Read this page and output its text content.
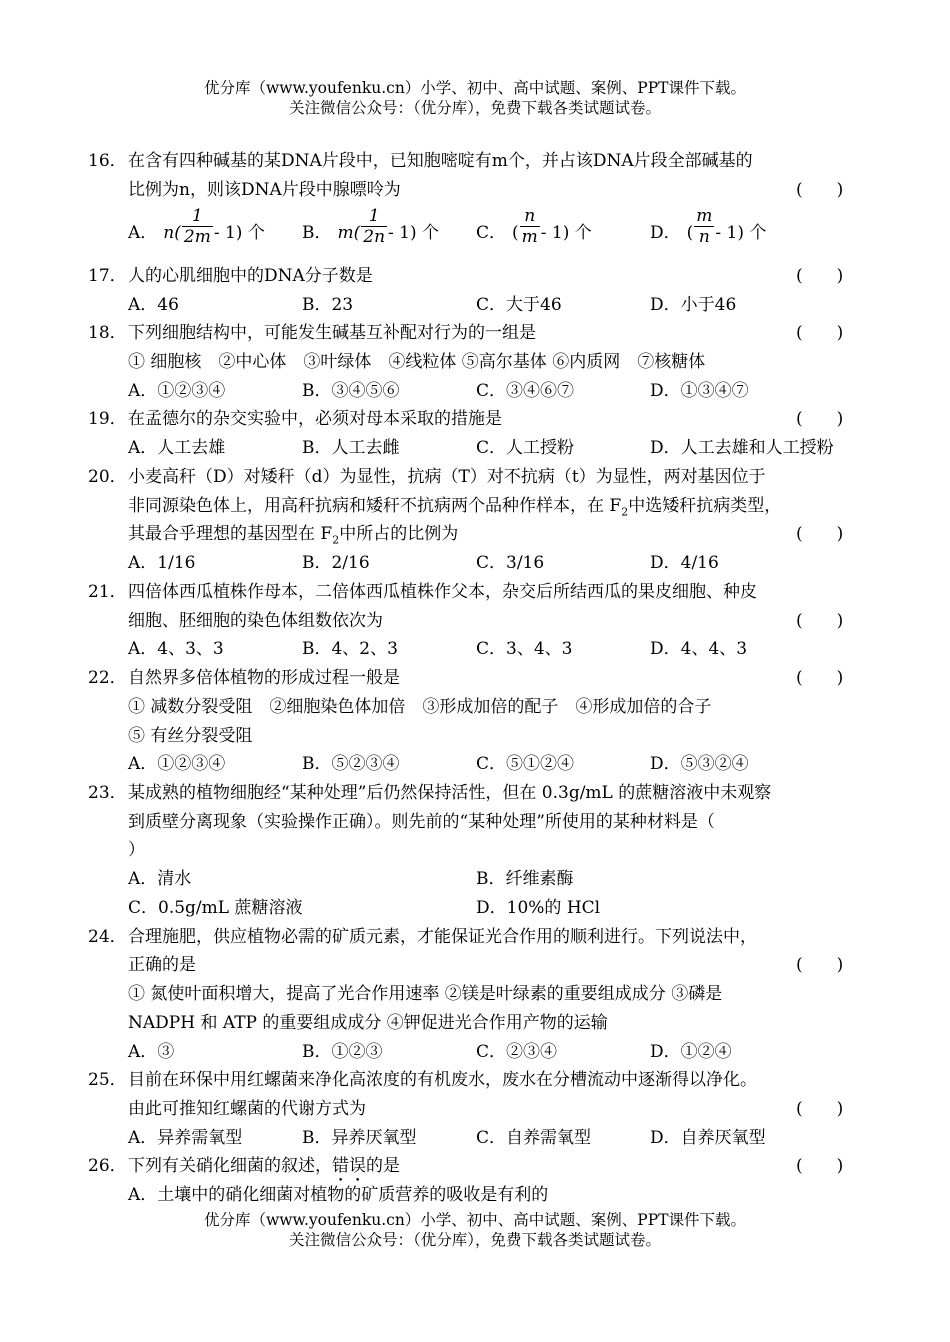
优分库（www.youfenku.cn）小学、初中、高中试题、案例、PPT课件下载。
关注微信公众号：（优分库），免费下载各类试题试卷。
16． 在含有四种碱基的某DNA片段中，已知胞嘧啶有m个，并占该DNA片段全部碱基的
比例为n，则该DNA片段中腺嘌呤为	(　　)
A． $n( \frac{1}{2m} - 1)$ 个 B． $m( \frac{1}{2n} - 1)$ 个 C． ( $\frac{n}{m} - 1$) 个	D． ( $\frac{m}{n} - 1$) 个
17． 人的心肌细胞中的DNA分子数是	(　　)
A．46	B．23	C．大于46	D．小于46
18． 下列细胞结构中，可能发生碱基互补配对行为的一组是	(　　)
① 细胞核　②中心体　③叶绿体　④线粒体 ⑤高尔基体 ⑥内质网　⑦核糖体
A．①②③④	B．③④⑤⑥	C．③④⑥⑦	D．①③④⑦
19． 在孟德尔的杂交实验中，必须对母本采取的措施是	(　　)
A．人工去雄	B．人工去雌	C．人工授粉	D．人工去雄和人工授粉
20． 小麦高秆（D）对矮秆（d）为显性，抗病（T）对不抗病（t）为显性，两对基因位于
非同源染色体上，用高秆抗病和矮秆不抗病两个品种作样本，在 $F_2$中选矮秆抗病类型，
其最合乎理想的基因型在 $F_2$中所占的比例为	(　　)
A．1/16	B．2/16	C．3/16	D．4/16
21． 四倍体西瓜植株作母本，二倍体西瓜植株作父本，杂交后所结西瓜的果皮细胞、种皮
细胞、胚细胞的染色体组数依次为	(　　)
A．4、3、3	B．4、2、3	C．3、4、3	D．4、4、3
22． 自然界多倍体植物的形成过程一般是	(　　)
① 减数分裂受阻　②细胞染色体加倍　③形成加倍的配子　④形成加倍的合子
⑤ 有丝分裂受阻
A．①②③④	B．⑤②③④	C．⑤①②④	D．⑤③②④
23． 某成熟的植物细胞经“某种处理”后仍然保持活性，但在 0.3g/mL 的蔗糖溶液中未观察
到质壁分离现象（实验操作正确）。则先前的“某种处理”所使用的某种材料是（
）
A．清水	B．纤维素酶
C．0.5g/mL 蔗糖溶液	D．10%的 HCl
24． 合理施肥，供应植物必需的矿质元素，才能保证光合作用的顺利进行。下列说法中，
正确的是	(　　)
① 氮使叶面积增大，提高了光合作用速率 ②镁是叶绿素的重要组成成分 ③磷是
NADPH 和 ATP 的重要组成成分 ④钾促进光合作用产物的运输
A．③	B．①②③	C．②③④	D．①②④
25． 目前在环保中用红螺菌来净化高浓度的有机废水，废水在分槽流动中逐渐得以净化。
由此可推知红螺菌的代谢方式为	(　　)
A．异养需氧型	B．异养厌氧型	C．自养需氧型	D．自养厌氧型
26． 下列有关硝化细菌的叙述，错误的是	(　　)
A．土壤中的硝化细菌对植物的矿质营养的吸收是有利的
优分库（www.youfenku.cn）小学、初中、高中试题、案例、PPT课件下载。
关注微信公众号：（优分库），免费下载各类试题试卷。
